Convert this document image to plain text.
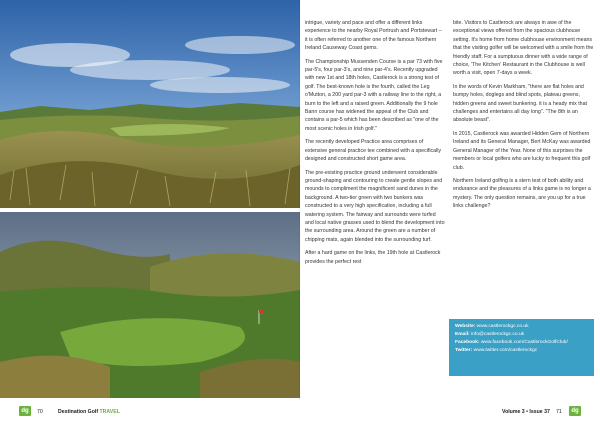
intrigue, variety and pace and offer a different links experience to the nearby Royal Portrush and Portstewart – it is often referred to another one of the famous Northern Ireland Causeway Coast gems.

The Championship Mussenden Course is a par 73 with five par-5's, four par-3's, and nine par-4's. Recently upgraded with new 1st and 18th holes, Castlerock is a strong test of golf. The best-known hole is the fourth, called the Leg o'Mutton, a 200 yard par-3 with a railway line to the right, a burn to the left and a raised green. Additionally the 9 hole Bann course has widened the appeal of the Club and contains a par-5 which has been described as "one of the most scenic holes in Irish golf."

The recently developed Practice area comprises of extensive general practice tee combined with a specifically designed and constructed short game area.

The pre-existing practice ground underwent considerable ground-shaping and contouring to create gentle slopes and mounds to compliment the magnificent sand dunes in the background. A two-tier green with two bunkers was constructed to a very high specification, including a full watering system. The fairway and surrounds were turfed and local native grasses used to blend the development into the surrounding area. Around the green are a number of chipping mats, again blended into the surrounding turf.

After a hard game on the links, the 19th hole at Castlerock provides the perfect rest

bite. Visitors to Castlerock are always in awe of the exceptional views offered from the spacious clubhouse setting. It's home from home clubhouse environment means that the visiting golfer will be welcomed with a smile from the friendly staff. For a sumptuous dinner with a wide range of choice, 'The Kitchen' Restaurant in the Clubhouse is well worth a visit, open 7-days a week.

In the words of Kevin Markham, "there are flat holes and bumpy holes, doglegs and blind spots, plateau greens, hidden greens and sweet bunkering. it is a heady mix that challenges and entertains all day long". "The 8th is an absolute beast".

In 2015, Castlerock was awarded Hidden Gem of Northern Ireland and its General Manager, Bert McKay was awarded General Manager of the Year. None of this surprises the members or local golfers who are lucky to frequent this golf club.

Northern Ireland golfing is a stern test of both ability and endurance and the pleasures of a links game is no longer a mystery. The only question remains, are you up for a true links challenge?

Website: www.castlerockgc.co.uk
Email: info@castlerockgc.co.uk
Facebook: www.facebook.com/CastlerockGolfClub/
Twitter: www.twitter.com/castlerockgc
dg	70	Destination Golf TRAVEL	Volume 3 • Issue 37 71	dg
